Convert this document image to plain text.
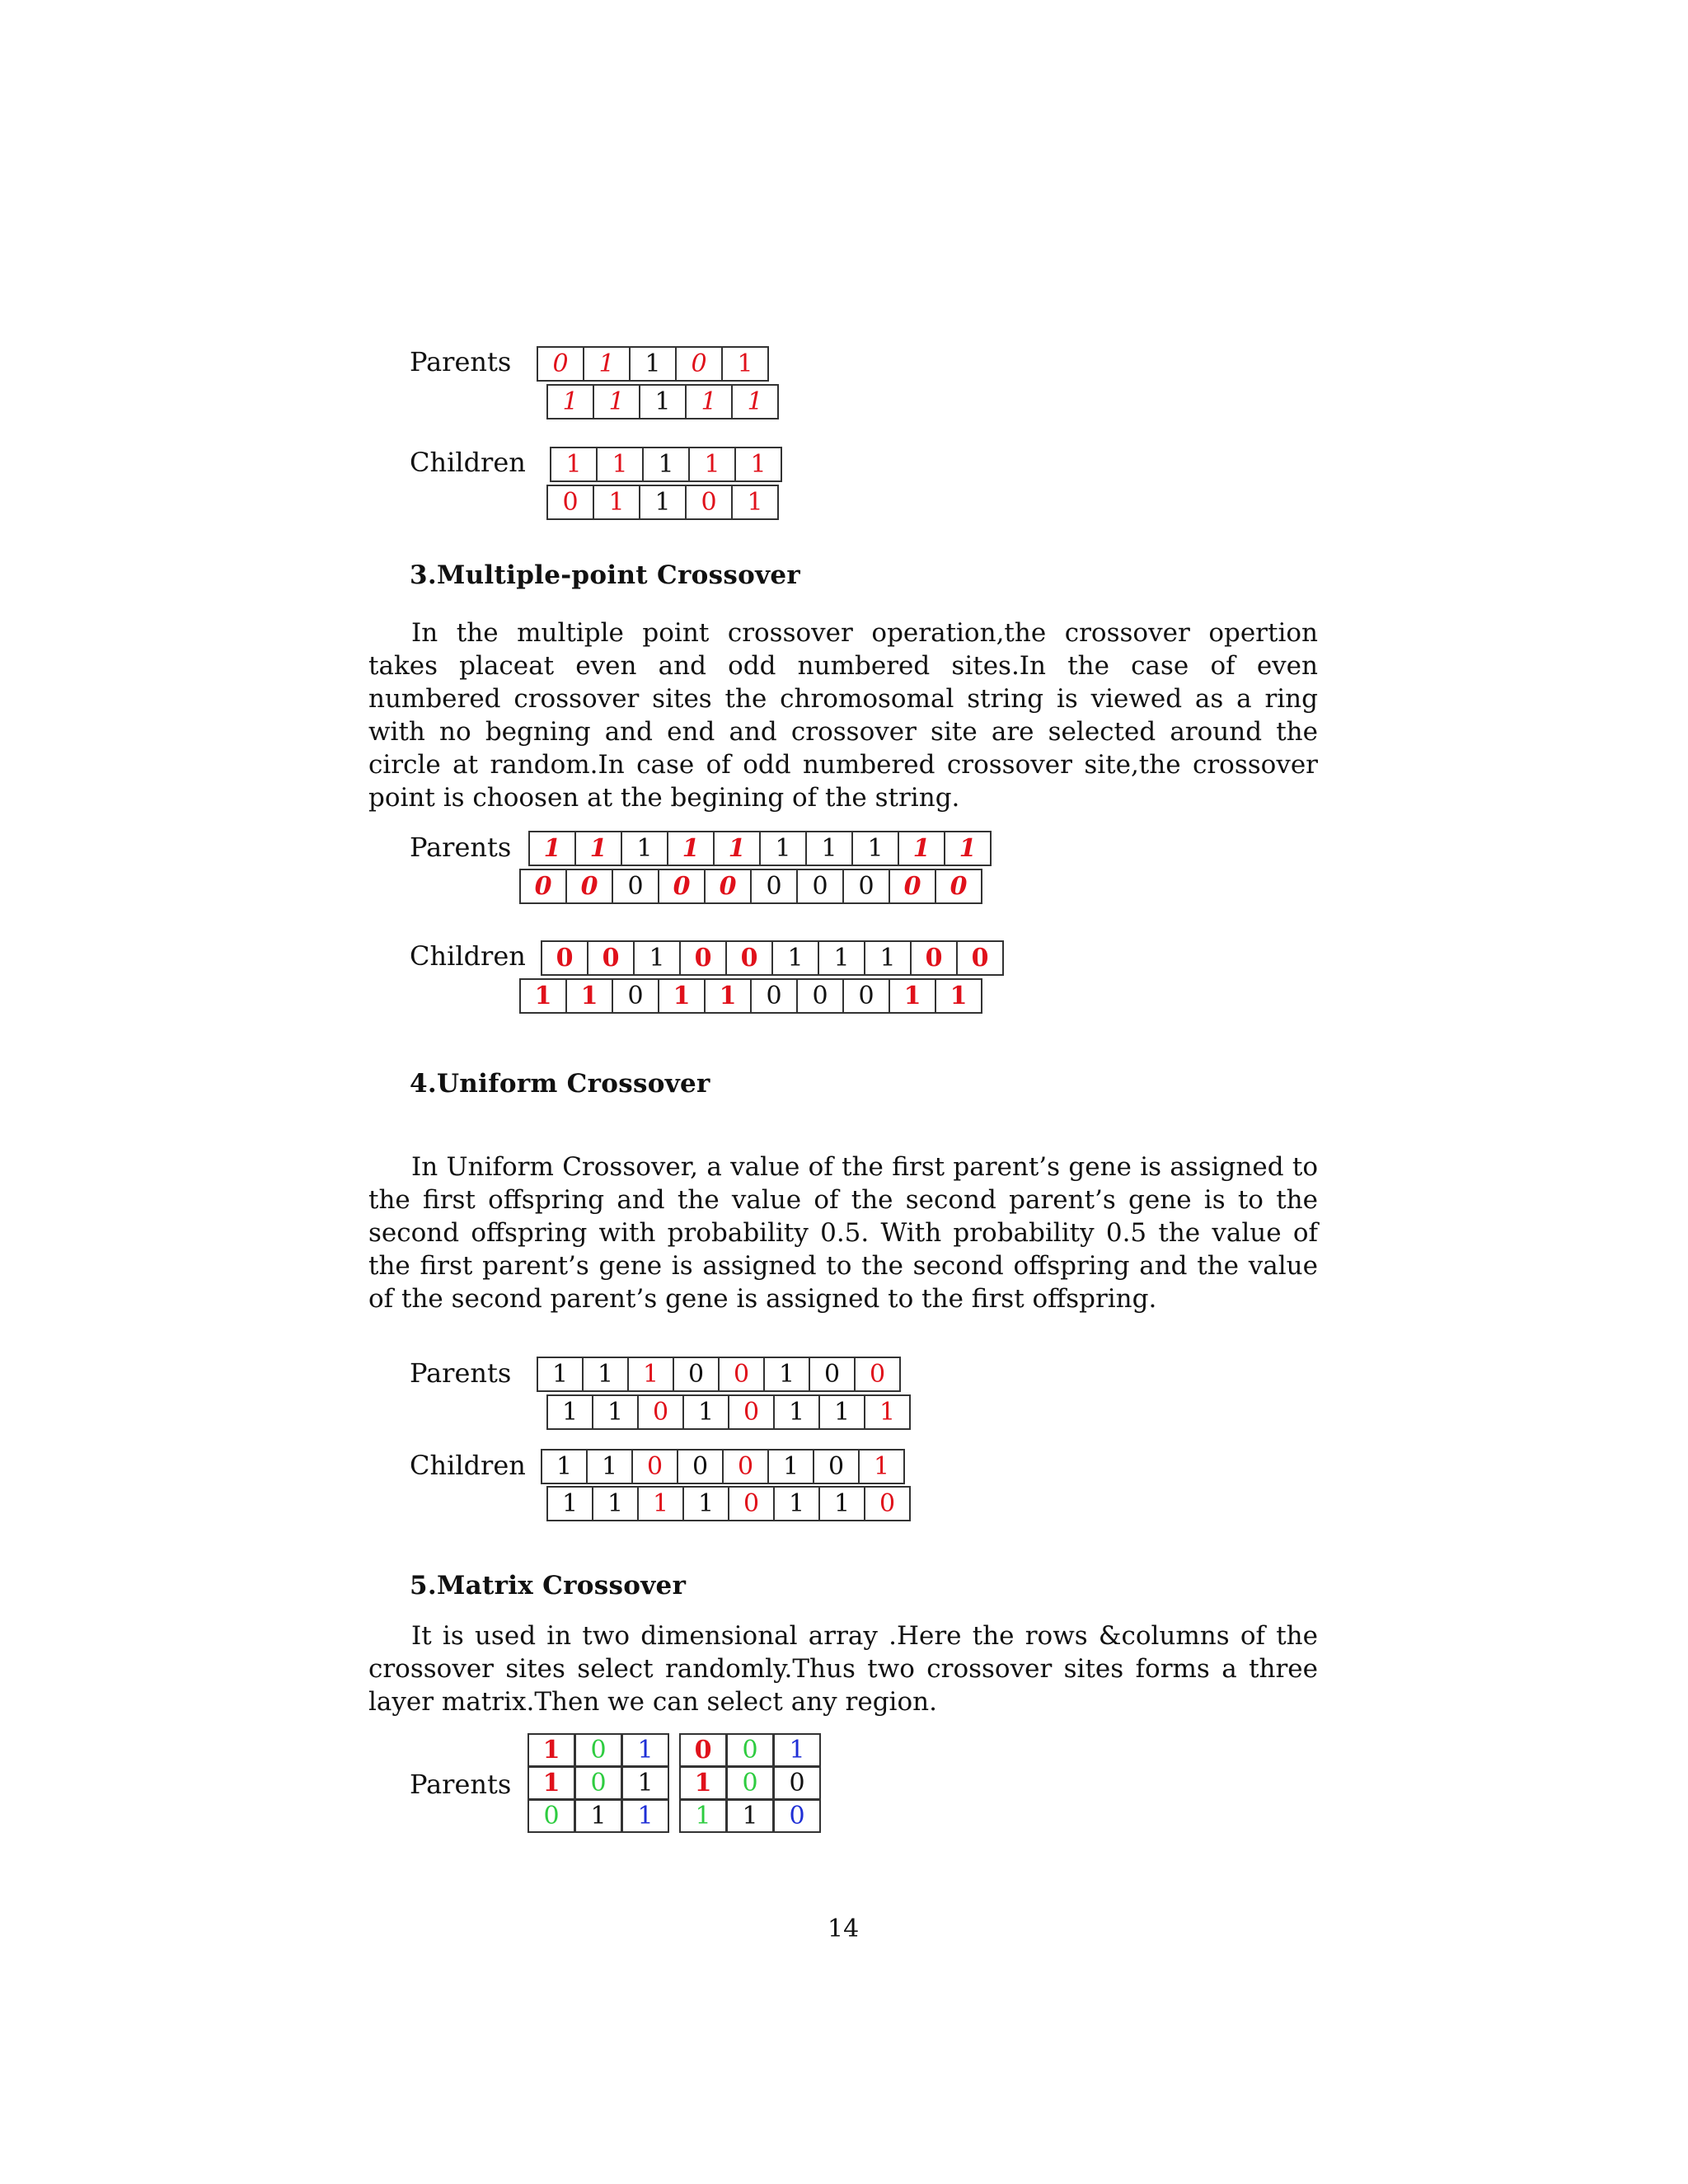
Parents	0	1	1	0	1
1	1	1	1	1
Children	1	1	1	1	1
0	1	1	0	1
3.Multiple-point Crossover
In the multiple point crossover operation,the crossover opertion takes placeat even and odd numbered sites.In the case of even numbered crossover sites the chromosomal string is viewed as a ring with no begning and end and crossover site are selected around the circle at random.In case of odd numbered crossover site,the crossover point is choosen at the begining of the string.
Parents	1	1	1	1	1	1	1	1	1	1
0	0	0	0	0	0	0	0	0	0
Children	0	0	1	0	0	1	1	1	0	0
1	1	0	1	1	0	0	0	1	1
4.Uniform Crossover
In Uniform Crossover, a value of the first parent’s gene is assigned to the first offspring and the value of the second parent’s gene is to the second offspring with probability 0.5. With probability 0.5 the value of the first parent’s gene is assigned to the second offspring and the value of the second parent’s gene is assigned to the first offspring.
Parents	1	1	1	0	0	1	0	0
1	1	0	1	0	1	1	1
Children	1	1	0	0	0	1	0	1
1	1	1	1	0	1	1	0
5.Matrix Crossover
It is used in two dimensional array .Here the rows &columns of the crossover sites select randomly.Thus two crossover sites forms a three layer matrix.Then we can select any region.
Parents
1	0	1
1	0	1
0	1	1
0	0	1
1	0	0
1	1	0
14
